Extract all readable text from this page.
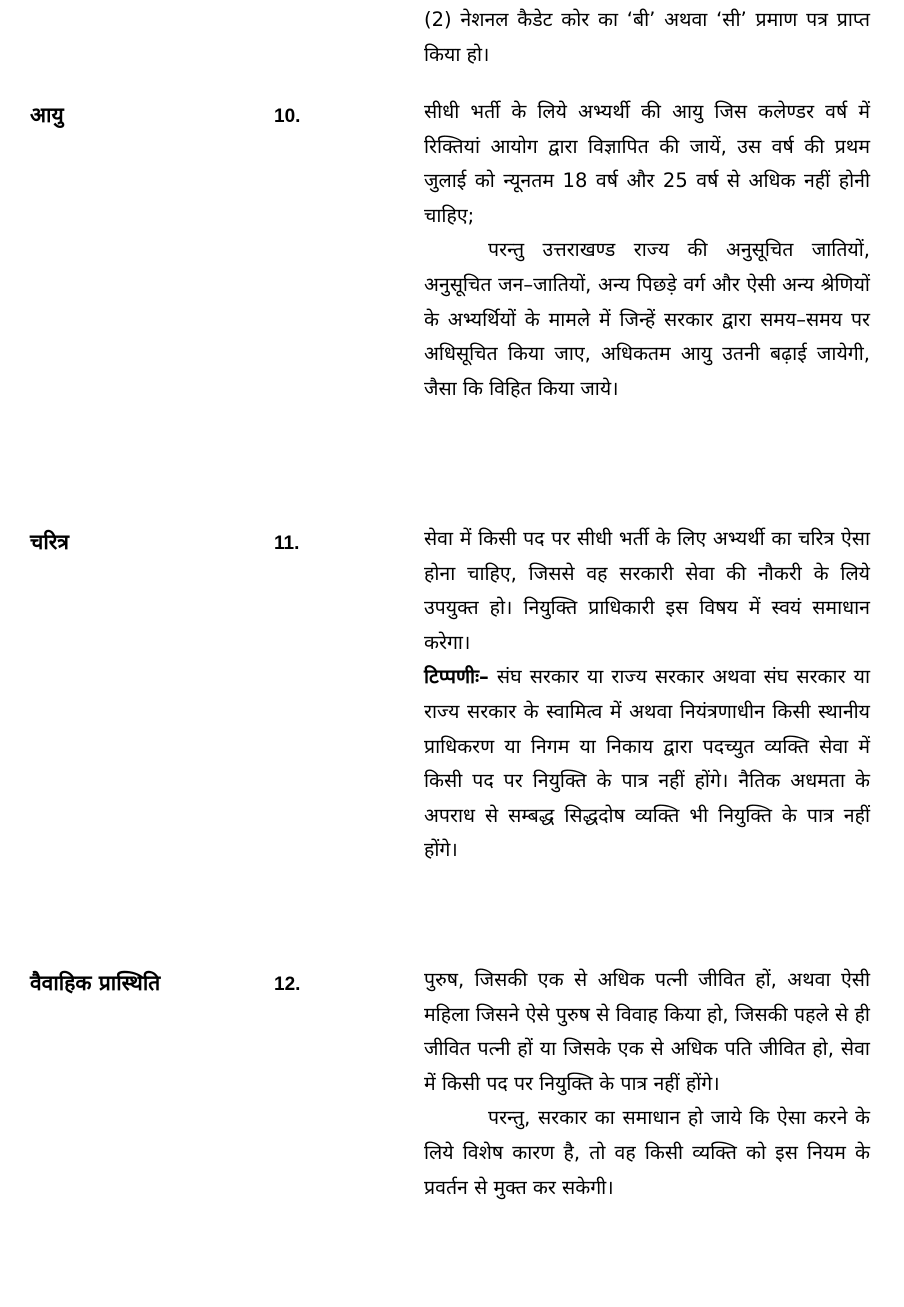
(2) नेशनल कैडेट कोर का ‘बी’ अथवा ‘सी’ प्रमाण पत्र प्राप्त किया हो।

आयु	10.	सीधी भर्ती के लिये अभ्यर्थी की आयु जिस कलेण्डर वर्ष में रिक्तियां आयोग द्वारा विज्ञापित की जायें, उस वर्ष की प्रथम जुलाई को न्यूनतम 18 वर्ष और 25 वर्ष से अधिक नहीं होनी चाहिए;

परन्तु उत्तराखण्ड राज्य की अनुसूचित जातियों, अनुसूचित जन–जातियों, अन्य पिछड़े वर्ग और ऐसी अन्य श्रेणियों के अभ्यर्थियों के मामले में जिन्हें सरकार द्वारा समय–समय पर अधिसूचित किया जाए, अधिकतम आयु उतनी बढ़ाई जायेगी, जैसा कि विहित किया जाये।

चरित्र	11.	सेवा में किसी पद पर सीधी भर्ती के लिए अभ्यर्थी का चरित्र ऐसा होना चाहिए, जिससे वह सरकारी सेवा की नौकरी के लिये उपयुक्त हो। नियुक्ति प्राधिकारी इस विषय में स्वयं समाधान करेगा।

टिप्पणीः– संघ सरकार या राज्य सरकार अथवा संघ सरकार या राज्य सरकार के स्वामित्व में अथवा नियंत्रणाधीन किसी स्थानीय प्राधिकरण या निगम या निकाय द्वारा पदच्युत व्यक्ति सेवा में किसी पद पर नियुक्ति के पात्र नहीं होंगे। नैतिक अधमता के अपराध से सम्बद्ध सिद्धदोष व्यक्ति भी नियुक्ति के पात्र नहीं होंगे।

वैवाहिक प्रास्थिति	12.	पुरुष, जिसकी एक से अधिक पत्नी जीवित हों, अथवा ऐसी महिला जिसने ऐसे पुरुष से विवाह किया हो, जिसकी पहले से ही जीवित पत्नी हों या जिसके एक से अधिक पति जीवित हो, सेवा में किसी पद पर नियुक्ति के पात्र नहीं होंगे।

परन्तु, सरकार का समाधान हो जाये कि ऐसा करने के लिये विशेष कारण है, तो वह किसी व्यक्ति को इस नियम के प्रवर्तन से मुक्त कर सकेगी।
